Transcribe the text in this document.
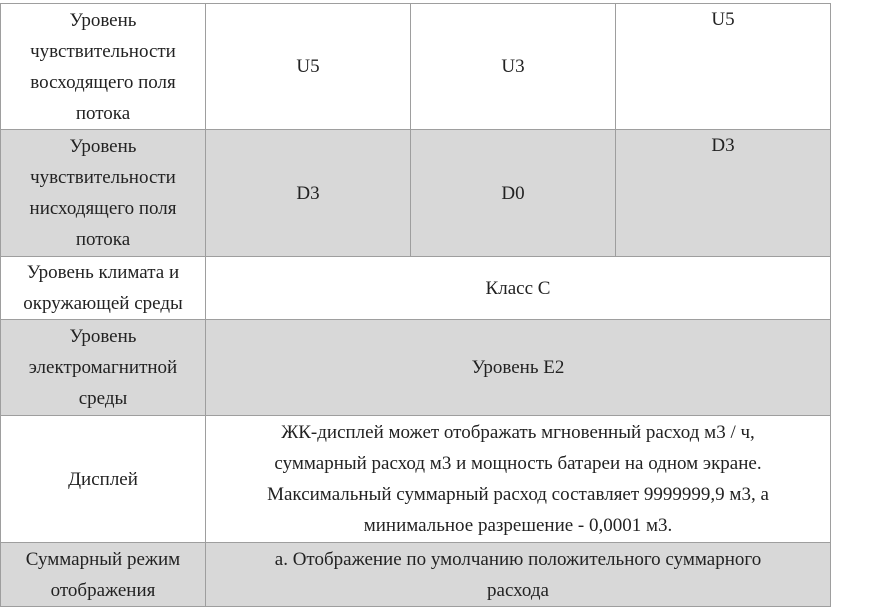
Уровень
чувствительности
восходящего поля
потока	U5	U3	U5

Уровень
чувствительности
нисходящего поля
потока	D3	D0	D3

Уровень климата и
окружающей среды	Класс С		

Уровень
электромагнитной
среды	Уровень E2		

Дисплей	ЖК-дисплей может отображать мгновенный расход м3 / ч,
суммарный расход м3 и мощность батареи на одном экране.
Максимальный суммарный расход составляет 9999999,9 м3, а
минимальное разрешение - 0,0001 м3.		

Суммарный режим
отображения	a. Отображение по умолчанию положительного суммарного
расхода		
